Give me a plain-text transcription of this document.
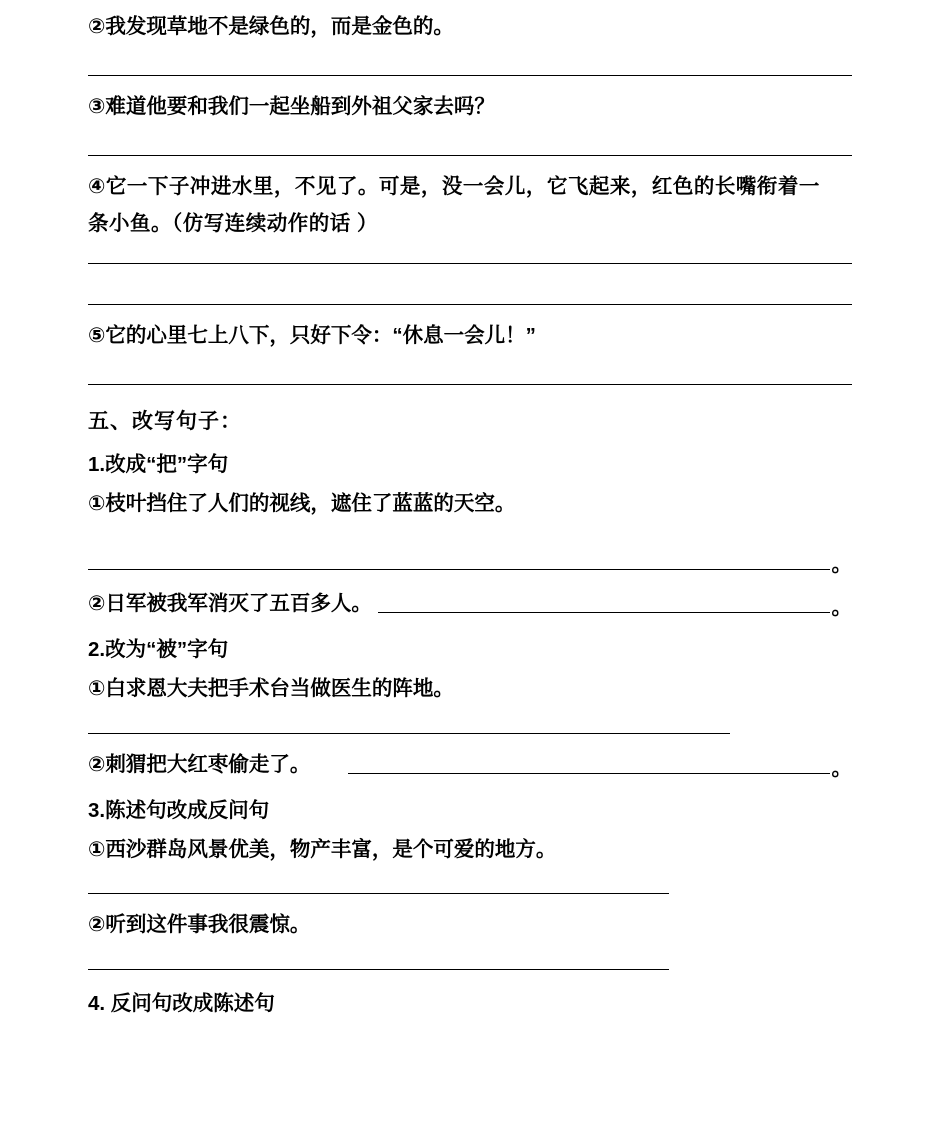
②我发现草地不是绿色的，而是金色的。
③难道他要和我们一起坐船到外祖父家去吗？
④它一下子冲进水里，不见了。可是，没一会儿，它飞起来，红色的长嘴衔着一
条小鱼。（仿写连续动作的话 ）
⑤它的心里七上八下，只好下令：“休息一会儿！”
五、改写句子：
1.改成“把”字句
①枝叶挡住了人们的视线，遮住了蓝蓝的天空。
。
②日军被我军消灭了五百多人。	。
2.改为“被”字句
①白求恩大夫把手术台当做医生的阵地。
②刺猬把大红枣偷走了。	。
3.陈述句改成反问句
①西沙群岛风景优美，物产丰富，是个可爱的地方。
②听到这件事我很震惊。
4. 反问句改成陈述句
